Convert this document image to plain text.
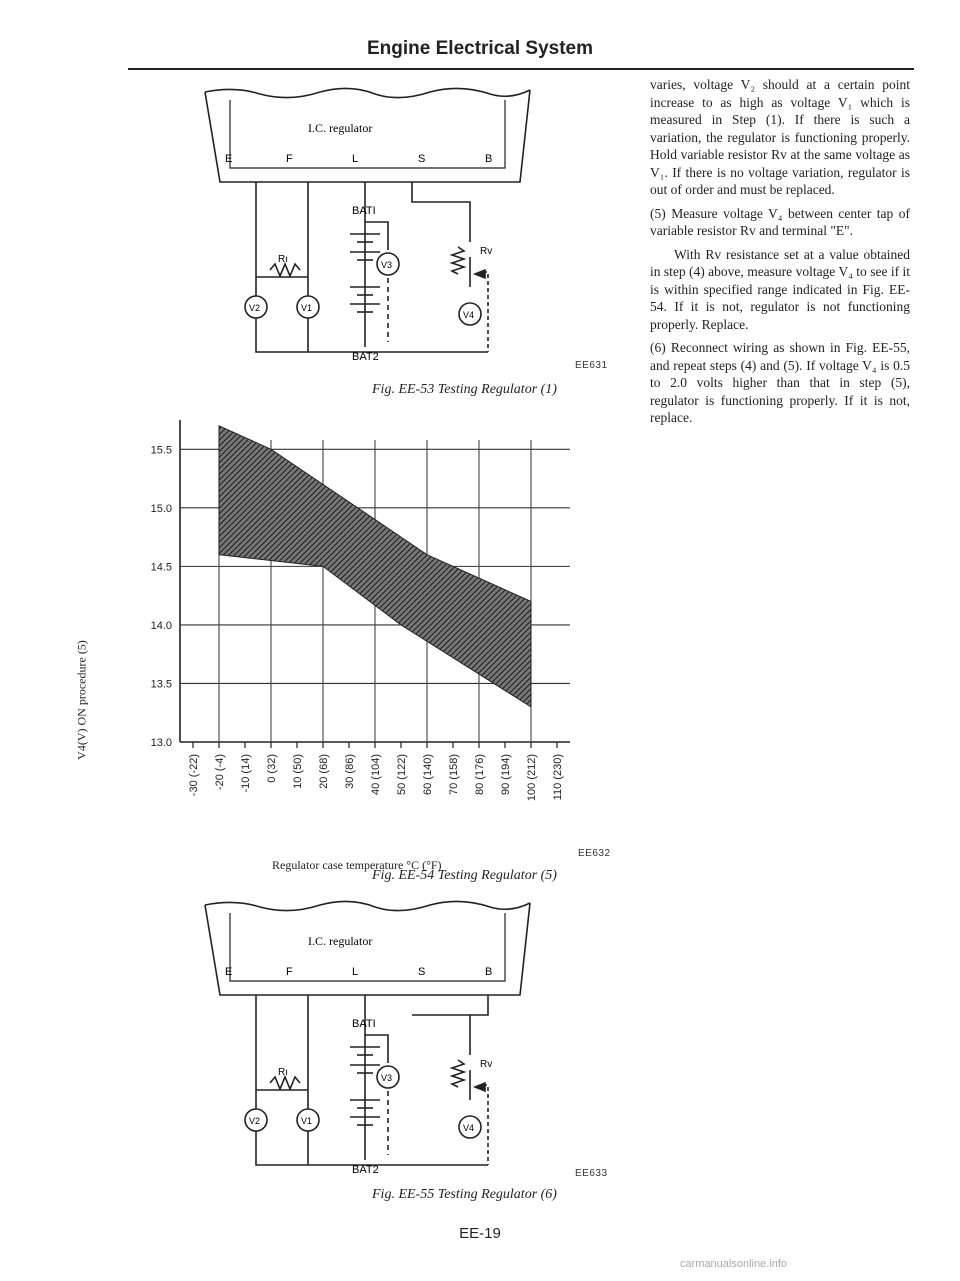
Engine Electrical System
I.C. regulator
E	F	L	S	B
BATI
BAT2
Rı
Rv
V2	V1
V3
V4
EE631
Fig. EE-53 Testing Regulator (1)
V4(V) ON procedure (5)
15.5
15.0
14.5
14.0
13.5
13.0
-30 (-22) -20 (-4) -10 (14) 0 (32) 10 (50) 20 (68) 30 (86) 40 (104) 50 (122) 60 (140) 70 (158) 80 (176) 90 (194) 100 (212) 110 (230)
Regulator case temperature °C (°F)
EE632
Fig. EE-54 Testing Regulator (5)
I.C. regulator
E	F	L	S	B
BATI
BAT2
Rı
Rv
V2	V1
V3
V4
EE633
Fig. EE-55 Testing Regulator (6)

varies, voltage V₂ should at a certain point increase to as high as voltage V₁ which is measured in Step (1). If there is such a variation, the regulator is functioning properly. Hold variable resistor Rv at the same voltage as V₁. If there is no voltage variation, regulator is out of order and must be replaced.

(5) Measure voltage V₄ between center tap of variable resistor Rv and terminal "E".

With Rv resistance set at a value obtained in step (4) above, measure voltage V₄ to see if it is within specified range indicated in Fig. EE-54. If it is not, regulator is not functioning properly. Replace.

(6) Reconnect wiring as shown in Fig. EE-55, and repeat steps (4) and (5). If voltage V₄ is 0.5 to 2.0 volts higher than that in step (5), regulator is functioning properly. If it is not, replace.

EE-19
carmanualsonline.info
